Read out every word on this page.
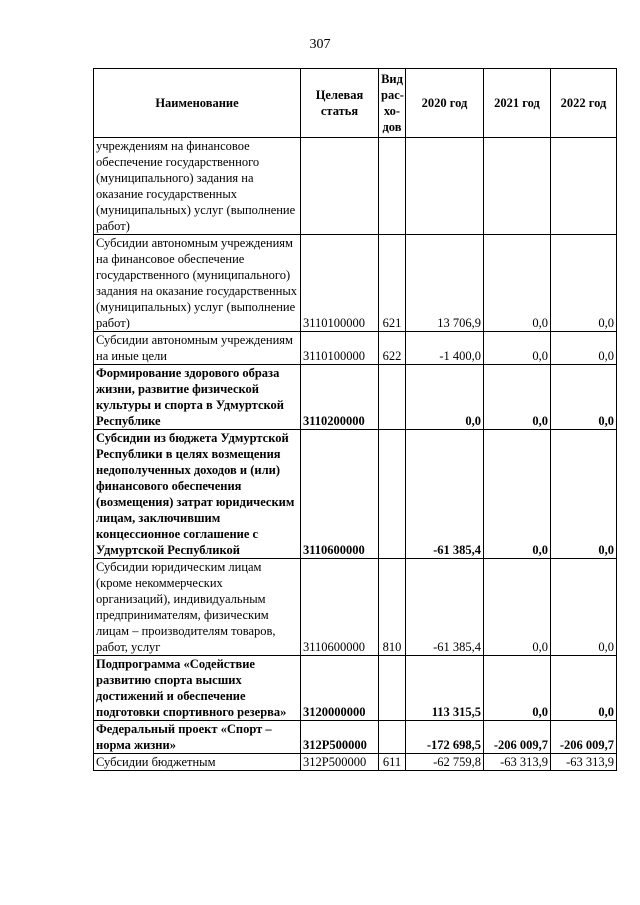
307
Наименование	Целевая статья	Вид рас-хо-дов	2020 год	2021 год	2022 год
учреждениям на финансовое обеспечение государственного (муниципального) задания на оказание государственных (муниципальных) услуг (выполнение работ)					
Субсидии автономным учреждениям на финансовое обеспечение государственного (муниципального) задания на оказание государственных (муниципальных) услуг (выполнение работ)	3110100000	621	13 706,9	0,0	0,0
Субсидии автономным учреждениям на иные цели	3110100000	622	-1 400,0	0,0	0,0
Формирование здорового образа жизни, развитие физической культуры и спорта в Удмуртской Республике	3110200000		0,0	0,0	0,0
Субсидии из бюджета Удмуртской Республики в целях возмещения недополученных доходов и (или) финансового обеспечения (возмещения) затрат юридическим лицам, заключившим концессионное соглашение с Удмуртской Республикой	3110600000		-61 385,4	0,0	0,0
Субсидии юридическим лицам (кроме некоммерческих организаций), индивидуальным предпринимателям, физическим лицам – производителям товаров, работ, услуг	3110600000	810	-61 385,4	0,0	0,0
Подпрограмма «Содействие развитию спорта высших достижений и обеспечение подготовки спортивного резерва»	3120000000		113 315,5	0,0	0,0
Федеральный проект «Спорт – норма жизни»	312P500000		-172 698,5	-206 009,7	-206 009,7
Субсидии бюджетным	312P500000	611	-62 759,8	-63 313,9	-63 313,9
